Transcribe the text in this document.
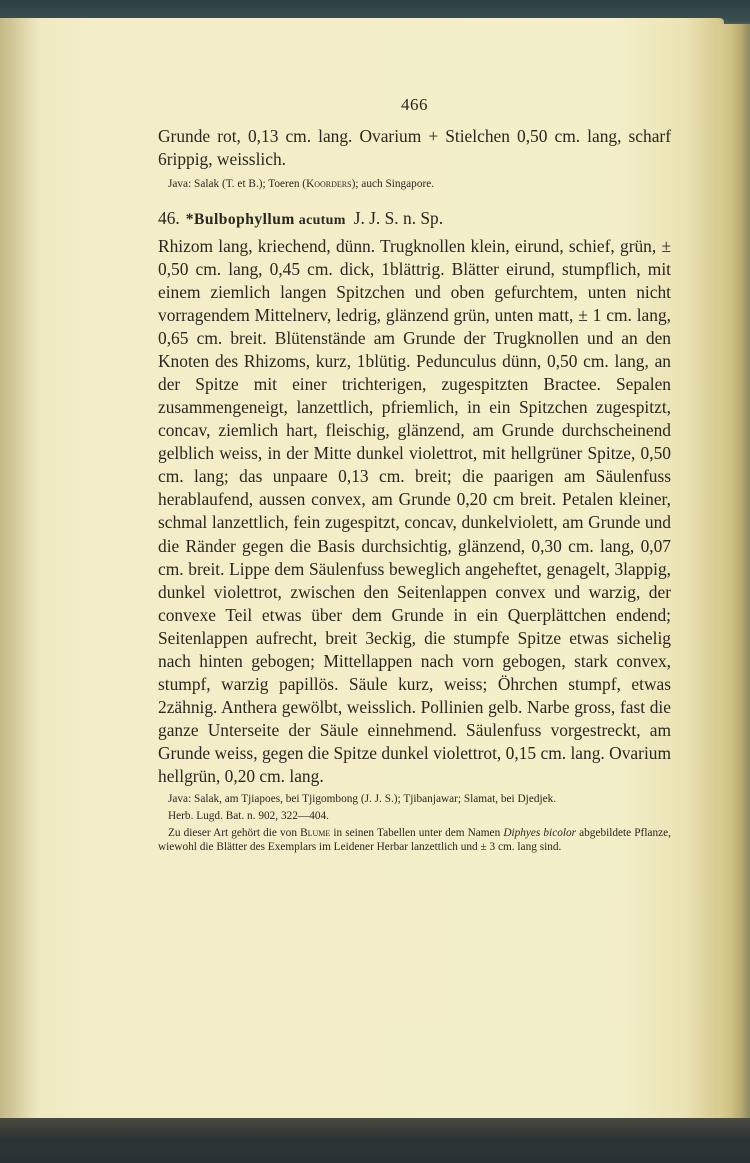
466

Grunde rot, 0,13 cm. lang. Ovarium + Stielchen 0,50 cm. lang, scharf 6rippig, weisslich.

Java: Salak (T. et B.); Toeren (Koorders); auch Singapore.

46. *Bulbophyllum acutum J. J. S. n. Sp.

Rhizom lang, kriechend, dünn. Trugknollen klein, eirund, schief, grün, ± 0,50 cm. lang, 0,45 cm. dick, 1blättrig. Blätter eirund, stumpflich, mit einem ziemlich langen Spitzchen und oben gefurchtem, unten nicht vorragendem Mittelnerv, ledrig, glänzend grün, unten matt, ± 1 cm. lang, 0,65 cm. breit. Blütenstände am Grunde der Trugknollen und an den Knoten des Rhizoms, kurz, 1blütig. Pedunculus dünn, 0,50 cm. lang, an der Spitze mit einer trichterigen, zugespitzten Bractee. Sepalen zusammengeneigt, lanzettlich, pfriemlich, in ein Spitzchen zugespitzt, concav, ziemlich hart, fleischig, glänzend, am Grunde durchscheinend gelblich weiss, in der Mitte dunkel violettrot, mit hellgrüner Spitze, 0,50 cm. lang; das unpaare 0,13 cm. breit; die paarigen am Säulenfuss herablaufend, aussen convex, am Grunde 0,20 cm breit. Petalen kleiner, schmal lanzettlich, fein zugespitzt, concav, dunkelviolett, am Grunde und die Ränder gegen die Basis durchsichtig, glänzend, 0,30 cm. lang, 0,07 cm. breit. Lippe dem Säulenfuss beweglich angeheftet, genagelt, 3lappig, dunkel violettrot, zwischen den Seitenlappen convex und warzig, der convexe Teil etwas über dem Grunde in ein Querplättchen endend; Seitenlappen aufrecht, breit 3eckig, die stumpfe Spitze etwas sichelig nach hinten gebogen; Mittellappen nach vorn gebogen, stark convex, stumpf, warzig papillös. Säule kurz, weiss; Öhrchen stumpf, etwas 2zähnig. Anthera gewölbt, weisslich. Pollinien gelb. Narbe gross, fast die ganze Unterseite der Säule einnehmend. Säulenfuss vorgestreckt, am Grunde weiss, gegen die Spitze dunkel violettrot, 0,15 cm. lang. Ovarium hellgrün, 0,20 cm. lang.

Java: Salak, am Tjiapoes, bei Tjigombong (J. J. S.); Tjibanjawar; Slamat, bei Djedjek.

Herb. Lugd. Bat. n. 902, 322—404.

Zu dieser Art gehört die von Blume in seinen Tabellen unter dem Namen Diphyes bicolor abgebildete Pflanze, wiewohl die Blätter des Exemplars im Leidener Herbar lanzettlich und ± 3 cm. lang sind.
